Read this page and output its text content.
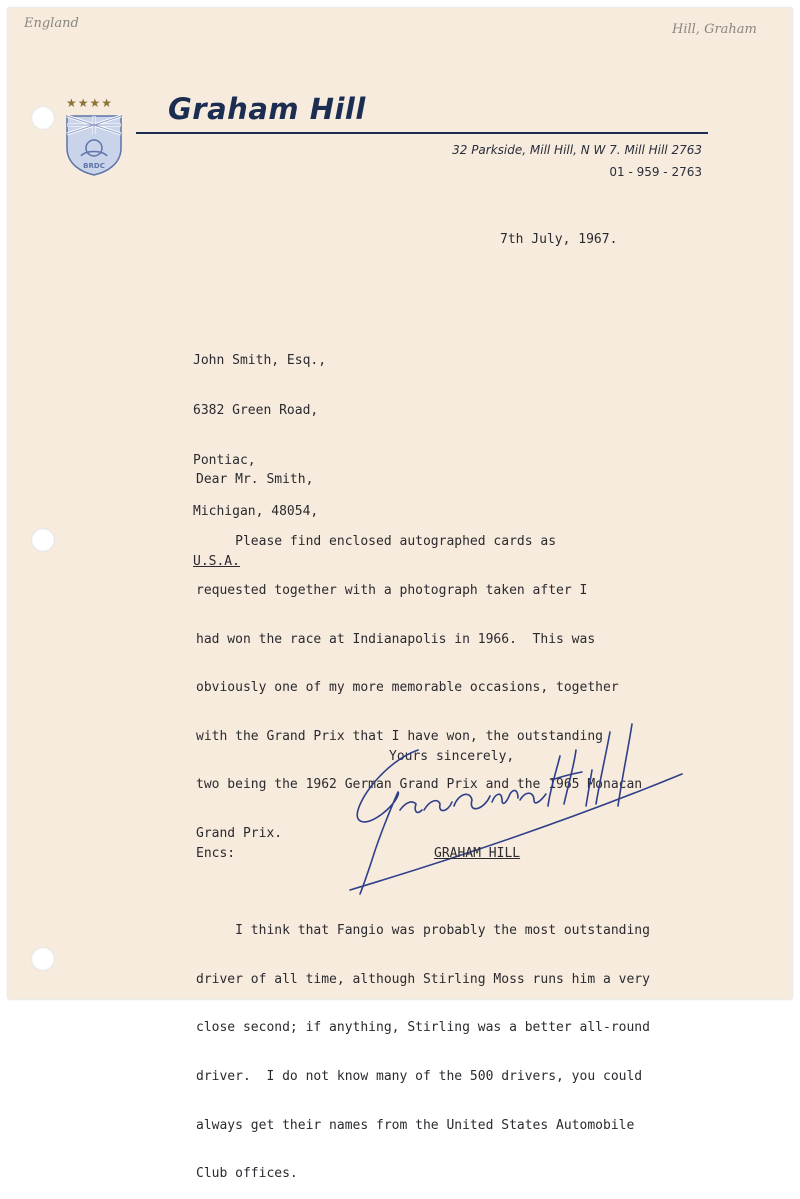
England	Hill, Graham
★★★★
BRDC
Graham Hill
32 Parkside, Mill Hill, N W 7. Mill Hill 2763
01 - 959 - 2763
7th July, 1967.

John Smith, Esq.,

6382 Green Road,

Pontiac,

Michigan, 48054,

U.S.A.

Dear Mr. Smith,

Please find enclosed autographed cards as

requested together with a photograph taken after I

had won the race at Indianapolis in 1966.  This was

obviously one of my more memorable occasions, together

with the Grand Prix that I have won, the outstanding

two being the 1962 German Grand Prix and the 1965 Monacan

Grand Prix.

I think that Fangio was probably the most outstanding

driver of all time, although Stirling Moss runs him a very

close second; if anything, Stirling was a better all-round

driver.  I do not know many of the 500 drivers, you could

always get their names from the United States Automobile

Club offices.

Yours sincerely,
Encs:	GRAHAM HILL
